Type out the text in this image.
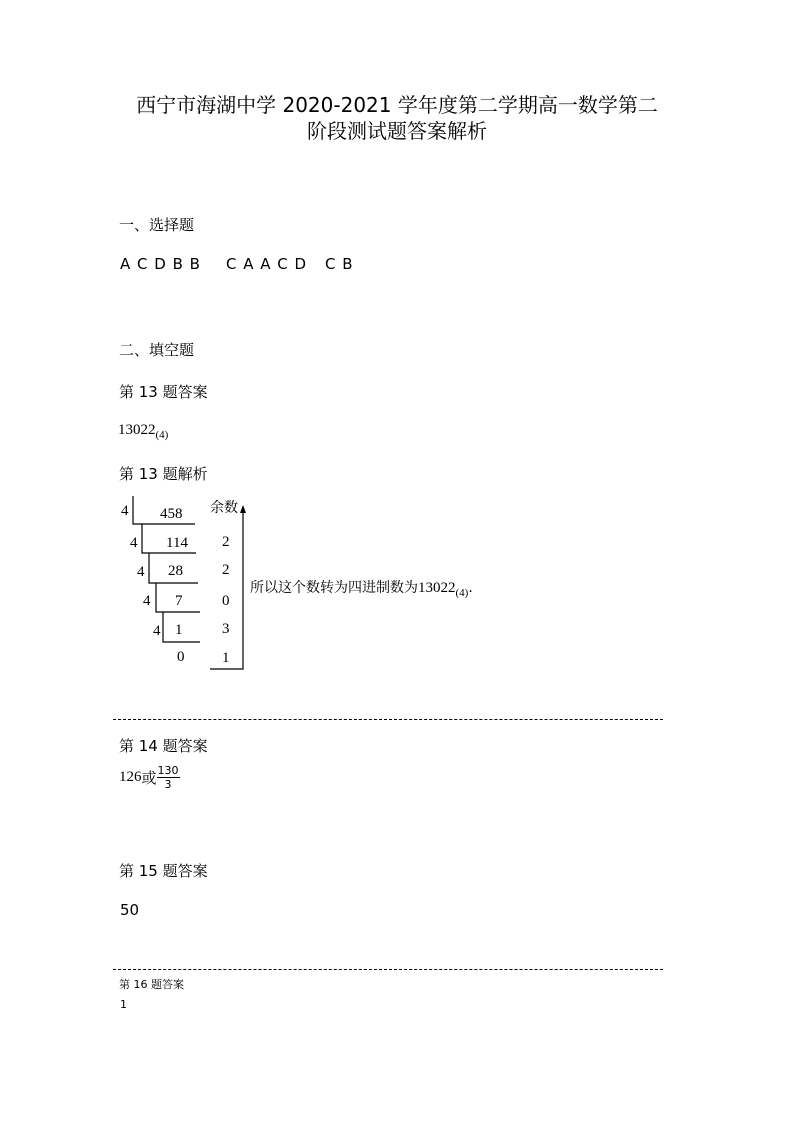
西宁市海湖中学 2020-2021 学年度第二学期高一数学第二
阶段测试题答案解析
一、选择题
A C D B B C A A C D C B
二、填空题
第 13 题答案
$13022_{(4)}$
第 13 题解析
4
4
4
4
4
458
114
28
7
1
0
余数
2
2
0
3
1
所以这个数转为四进制数为$13022_{(4)}$.
第 14 题答案
126或 $\frac{130}{3}$
第 15 题答案
50
第 16 题答案
1
